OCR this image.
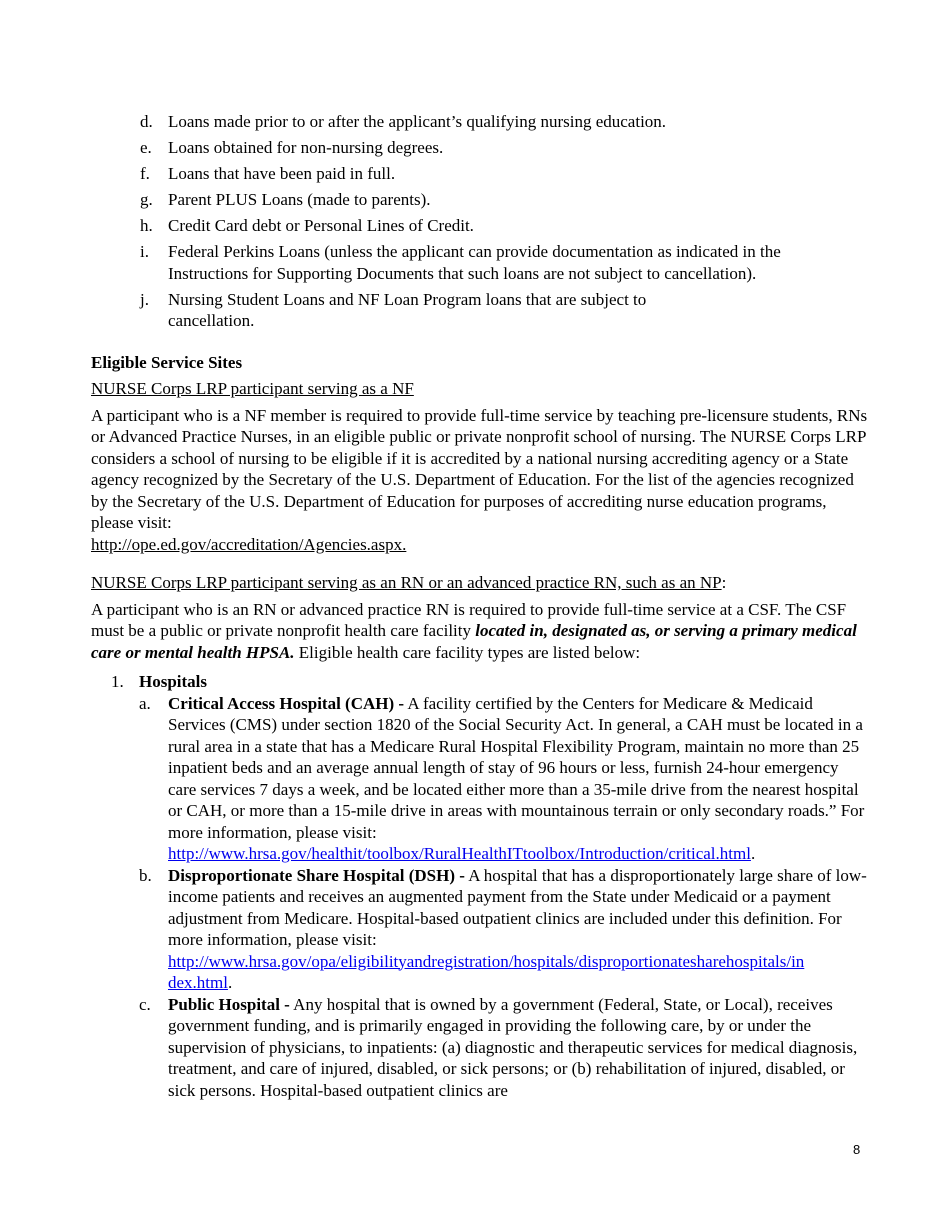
d. Loans made prior to or after the applicant’s qualifying nursing education.
e. Loans obtained for non-nursing degrees.
f. Loans that have been paid in full.
g. Parent PLUS Loans (made to parents).
h. Credit Card debt or Personal Lines of Credit.
i. Federal Perkins Loans (unless the applicant can provide documentation as indicated in the
Instructions for Supporting Documents that such loans are not subject to cancellation).
j. Nursing Student Loans and NF Loan Program loans that are subject to
cancellation.
Eligible Service Sites

NURSE Corps LRP participant serving as a NF

A participant who is a NF member is required to provide full-time service by teaching pre-licensure students, RNs or Advanced Practice Nurses, in an eligible public or private nonprofit school of nursing. The NURSE Corps LRP considers a school of nursing to be eligible if it is accredited by a national nursing accrediting agency or a State agency recognized by the Secretary of the U.S. Department of Education. For the list of the agencies recognized by the Secretary of the U.S. Department of Education for purposes of accrediting nurse education programs, please visit:
http://ope.ed.gov/accreditation/Agencies.aspx.

NURSE Corps LRP participant serving as an RN or an advanced practice RN, such as an NP:

A participant who is an RN or advanced practice RN is required to provide full-time service at a CSF. The CSF must be a public or private nonprofit health care facility located in, designated as, or serving a primary medical care or mental health HPSA. Eligible health care facility types are listed below:

1. Hospitals
a. Critical Access Hospital (CAH) - A facility certified by the Centers for Medicare & Medicaid Services (CMS) under section 1820 of the Social Security Act. In general, a CAH must be located in a rural area in a state that has a Medicare Rural Hospital Flexibility Program, maintain no more than 25 inpatient beds and an average annual length of stay of 96 hours or less, furnish 24-hour emergency care services 7 days a week, and be located either more than a 35-mile drive from the nearest hospital or CAH, or more than a 15-mile drive in areas with mountainous terrain or only secondary roads.” For more information, please visit: http://www.hrsa.gov/healthit/toolbox/RuralHealthITtoolbox/Introduction/critical.html.
b. Disproportionate Share Hospital (DSH) - A hospital that has a disproportionately large share of low-income patients and receives an augmented payment from the State under Medicaid or a payment adjustment from Medicare. Hospital-based outpatient clinics are included under this definition. For more information, please visit:
http://www.hrsa.gov/opa/eligibilityandregistration/hospitals/disproportionatesharehospitals/in
dex.html.
c. Public Hospital - Any hospital that is owned by a government (Federal, State, or Local), receives government funding, and is primarily engaged in providing the following care, by or under the supervision of physicians, to inpatients: (a) diagnostic and therapeutic services for medical diagnosis, treatment, and care of injured, disabled, or sick persons; or (b) rehabilitation of injured, disabled, or sick persons. Hospital-based outpatient clinics are
8
